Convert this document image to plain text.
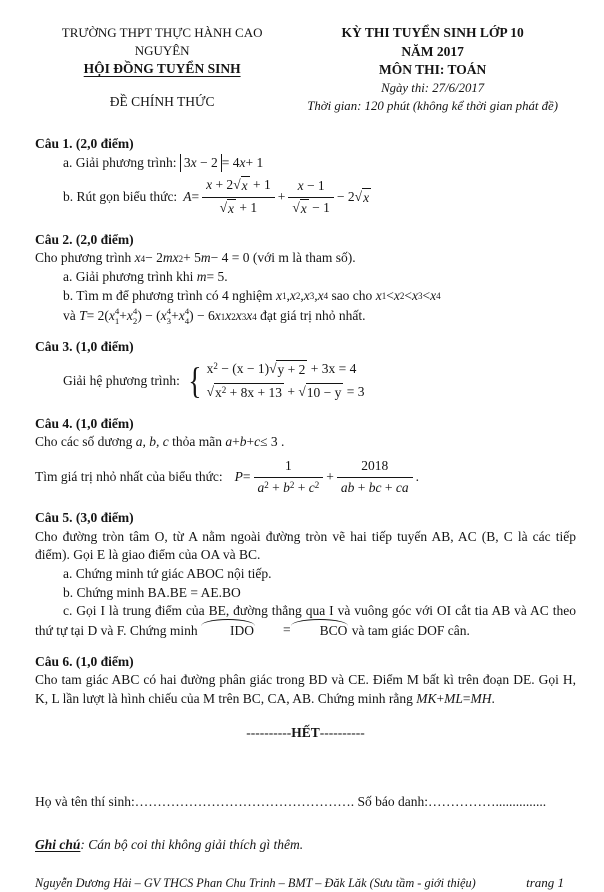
TRƯỜNG THPT THỰC HÀNH CAO NGUYÊN
HỘI ĐỒNG TUYỂN SINH
ĐỀ CHÍNH THỨC
KỲ THI TUYỂN SINH LỚP 10
NĂM 2017
MÔN THI: TOÁN
Ngày thi: 27/6/2017
Thời gian: 120 phút (không kể thời gian phát đề)
Câu 1. (2,0 điểm)
a. Giải phương trình: 3x − 2 = 4 x + 1
b. Rút gọn biểu thức: A = x + 2 √ x + 1
√ x + 1 + x − 1
√ x − 1 − 2 √ x
Câu 2. (2,0 điểm)
Cho phương trình x 4 − 2 mx 2 + 5 m − 4 = 0 (với m là tham số).
a. Giải phương trình khi m = 5.
b. Tìm m để phương trình có 4 nghiệm x 1 , x 2 , x 3 , x 4 sao cho x 1 < x 2 < x 3 < x 4
và T = 2( x 4
1 + x 4
2 ) − ( x 4
3 + x 4
4 ) − 6 x 1 x 2 x 3 x 4 đạt giá trị nhỏ nhất.
Câu 3. (1,0 điểm)
Giải hệ phương trình:
{ $x^2 - (x - 1)$ √ y + 2 + 3x = 4
√ $x^2 + 8x + 13$ + √ 10 − y = 3
Câu 4. (1,0 điểm)
Cho các số dương a, b, c thỏa mãn a + b + c ≤ 3 .
Tìm giá trị nhỏ nhất của biểu thức: $P = \frac{1}{a^2 + b^2 + c^2} + \frac{2018}{ab + bc + ca}$ .
Câu 5. (3,0 điểm)
Cho đường tròn tâm O, từ A nằm ngoài đường tròn vẽ hai tiếp tuyến AB, AC (B, C là các tiếp điểm). Gọi E là giao điểm của OA và BC.
a. Chứng minh tứ giác ABOC nội tiếp.
b. Chứng minh BA.BE = AE.BO
c. Gọi I là trung điểm của BE, đường thẳng qua I và vuông góc với OI cắt tia AB và AC theo thứ tự tại D và F. Chứng minh	IDO	=	BCO và tam giác DOF cân.
Câu 6. (1,0 điểm)
Cho tam giác ABC có hai đường phân giác trong BD và CE. Điểm M bất kì trên đoạn DE. Gọi H, K, L lần lượt là hình chiếu của M trên BC, CA, AB. Chứng minh rằng MK + ML = MH .
----------HẾT----------
Họ và tên thí sinh:…………………………………………. Số báo danh:……………...............
Ghi chú: Cán bộ coi thi không giải thích gì thêm.
Nguyễn Dương Hải – GV THCS Phan Chu Trinh – BMT – Đăk Lăk (Sưu tầm - giới thiệu)	trang 1
